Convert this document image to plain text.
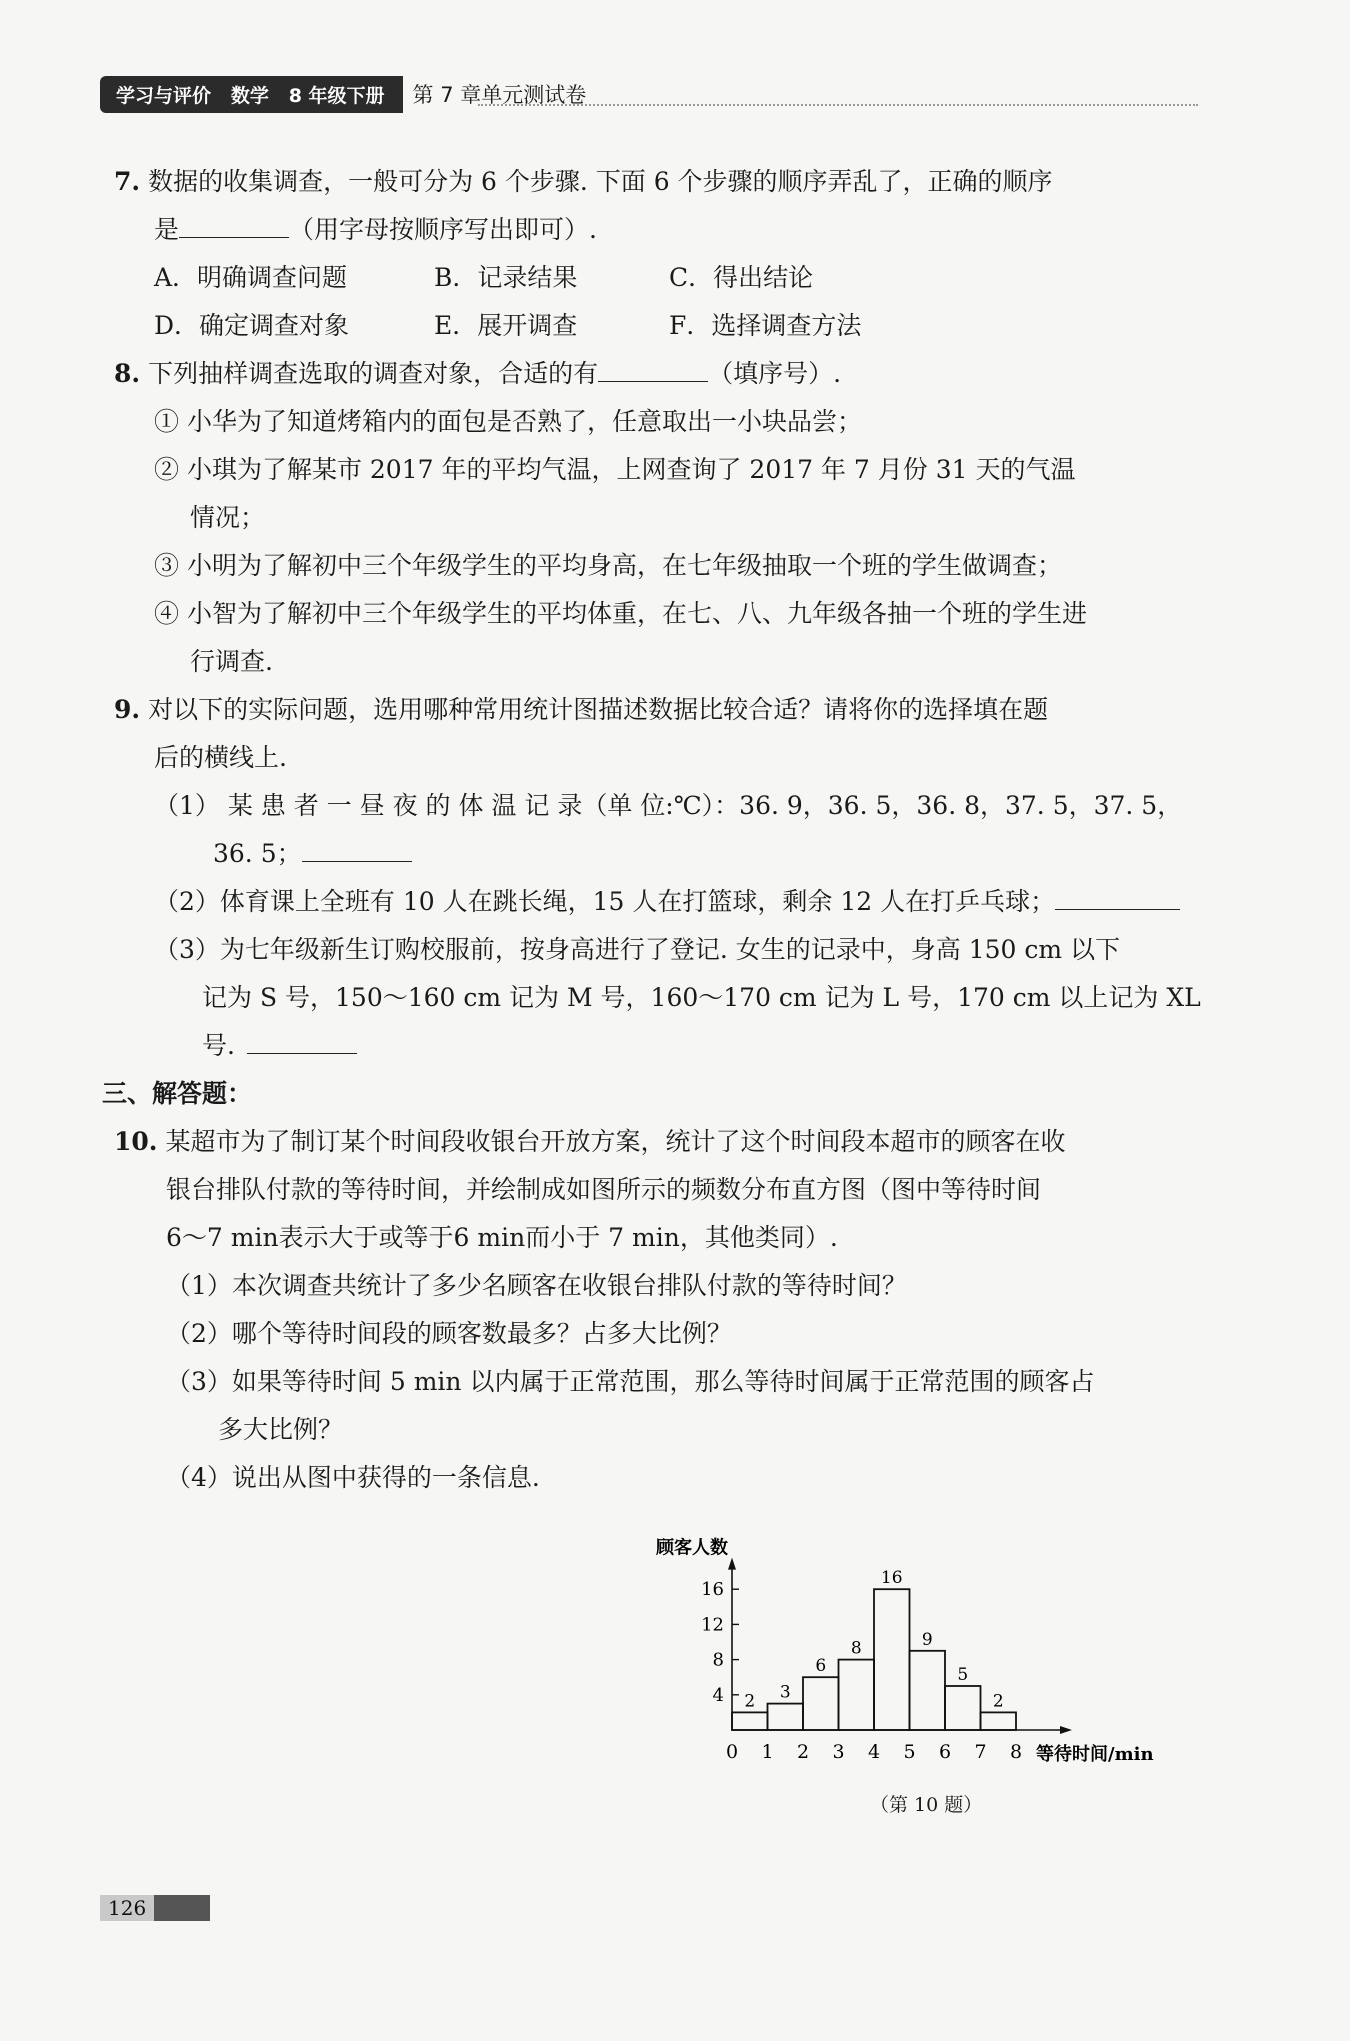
学习与评价   数学   8 年级下册	第 7 章单元测试卷
7. 数据的收集调查，一般可分为 6 个步骤. 下面 6 个步骤的顺序弄乱了，正确的顺序
是	（用字母按顺序写出即可）.
A．明确调查问题	B．记录结果	C．得出结论
D．确定调查对象	E．展开调查	F．选择调查方法
8. 下列抽样调查选取的调查对象，合适的有	（填序号）.
① 小华为了知道烤箱内的面包是否熟了，任意取出一小块品尝；
② 小琪为了解某市 2017 年的平均气温，上网查询了 2017 年 7 月份 31 天的气温
情况；
③ 小明为了解初中三个年级学生的平均身高，在七年级抽取一个班的学生做调查；
④ 小智为了解初中三个年级学生的平均体重，在七、八、九年级各抽一个班的学生进
行调查.
9. 对以下的实际问题，选用哪种常用统计图描述数据比较合适？请将你的选择填在题
后的横线上.
（1） 某 患 者 一 昼 夜 的 体 温 记 录（单 位:℃）：36. 9，36. 5，36. 8，37. 5，37. 5，
36. 5；
（2）体育课上全班有 10 人在跳长绳，15 人在打篮球，剩余 12 人在打乒乓球；
（3）为七年级新生订购校服前，按身高进行了登记. 女生的记录中，身高 150 cm 以下
记为 S 号，150～160 cm 记为 M 号，160～170 cm 记为 L 号，170 cm 以上记为 XL
号.
三、解答题：
10. 某超市为了制订某个时间段收银台开放方案，统计了这个时间段本超市的顾客在收
银台排队付款的等待时间，并绘制成如图所示的频数分布直方图（图中等待时间
6～7 min表示大于或等于6 min而小于 7 min，其他类同）.
（1）本次调查共统计了多少名顾客在收银台排队付款的等待时间？
（2）哪个等待时间段的顾客数最多？占多大比例？
（3）如果等待时间 5 min 以内属于正常范围，那么等待时间属于正常范围的顾客占
多大比例？
（4）说出从图中获得的一条信息.
4
8
12
16
0 1 2 3 4 5 6 7 8
顾客人数
等待时间/min
2 3
6
8
16
9
5
2
（第 10 题）
126
